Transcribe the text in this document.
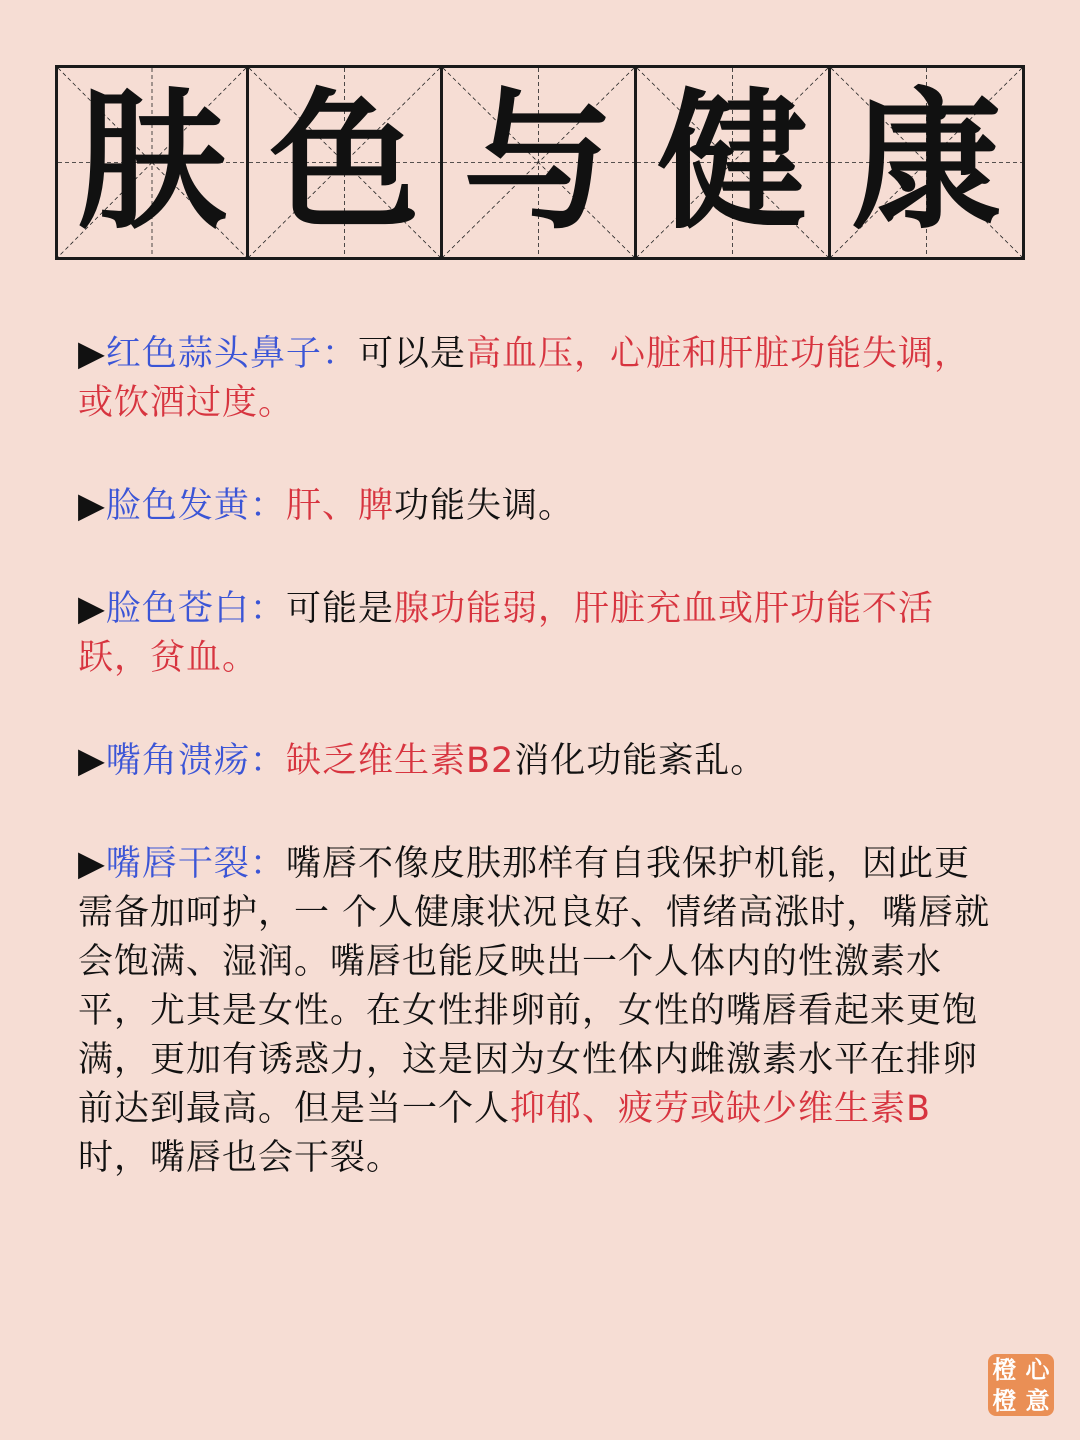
肤 色 与 健 康

▶红色蒜头鼻子：可以是高血压，心脏和肝脏功能失调，或饮酒过度。

▶脸色发黄：肝、脾功能失调。

▶脸色苍白：可能是腺功能弱，肝脏充血或肝功能不活跃，贫血。

▶嘴角溃疡：缺乏维生素B2消化功能紊乱。

▶嘴唇干裂：嘴唇不像皮肤那样有自我保护机能，因此更需备加呵护，一 个人健康状况良好、情绪高涨时，嘴唇就会饱满、湿润。嘴唇也能反映出一个人体内的性激素水平，尤其是女性。在女性排卵前，女性的嘴唇看起来更饱满，更加有诱惑力，这是因为女性体内雌激素水平在排卵前达到最高。但是当一个人抑郁、疲劳或缺少维生素B时，嘴唇也会干裂。

橙 心
橙 意
